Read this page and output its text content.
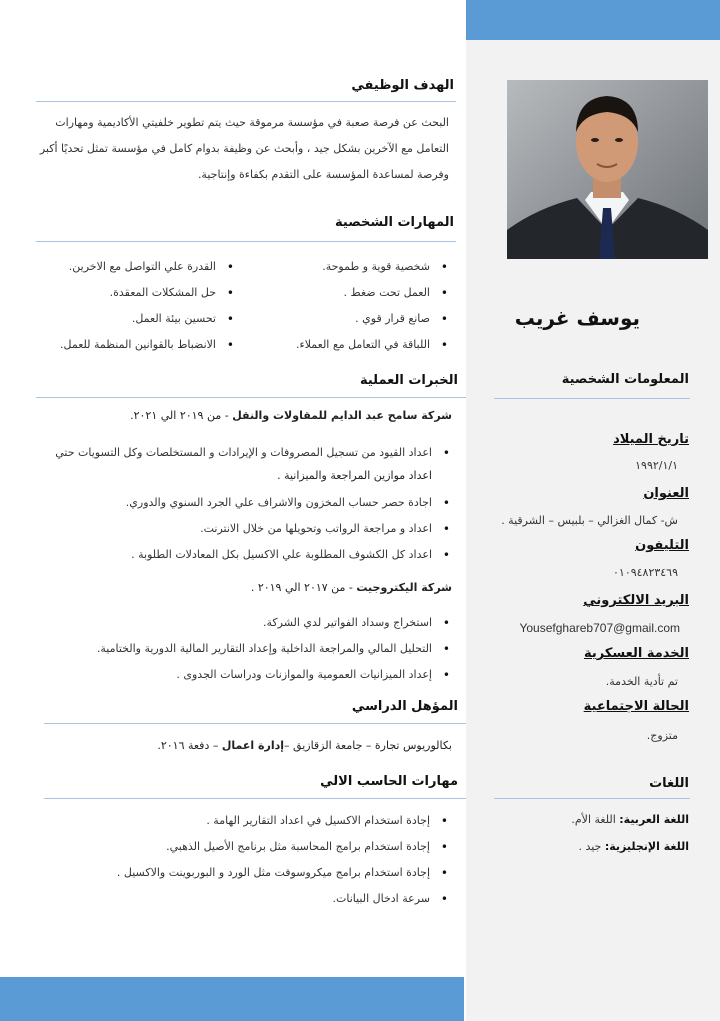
الهدف الوظيفي
البحث عن فرصة صعبة في مؤسسة مرموقة حيث يتم تطوير خلفيتي الأكاديمية ومهارات
التعامل مع الآخرين بشكل جيد ، وأبحث عن وظيفة بدوام كامل في مؤسسة تمثل تحديًا أكبر
وفرصة لمساعدة المؤسسة على التقدم بكفاءة وإنتاجية.
المهارات الشخصية
• شخصية قوية و طموحة.
• العمل تحت ضغط .
• صانع قرار قوي .
• اللباقة في التعامل مع العملاء.
• القدرة علي التواصل مع الاخرين.
• حل المشكلات المعقدة.
• تحسين بيئة العمل.
• الانضباط بالقوانين المنظمة للعمل.
الخبرات العملية
شركة سامح عبد الدايم للمقاولات والنقل - من ٢٠١٩ الي ٢٠٢١.
• اعداد القيود من تسجيل المصروفات و الإيرادات و المستخلصات وكل التسويات حتي
اعداد موازين المراجعة والميزانية .
• اجادة حصر حساب المخزون والاشراف علي الجرد السنوي والدوري.
• اعداد و مراجعة الرواتب وتحويلها من خلال الانترنت.
• اعداد كل الكشوف المطلوبة علي الاكسيل بكل المعادلات الطلوبة .
شركة اليكتروجيت - من ٢٠١٧ الي ٢٠١٩ .
• استخراج وسداد الفواتير لدي الشركة.
• التحليل المالي والمراجعة الداخلية وإعداد التقارير المالية الدورية والختامية.
• إعداد الميزانيات العمومية والموازنات ودراسات الجدوى .
المؤهل الدراسي
بكالوريوس تجارة – جامعة الزقازيق –إدارة اعمال – دفعة ٢٠١٦.
مهارات الحاسب الالي
• إجادة استخدام الاكسيل في اعداد التقارير الهامة .
• إجادة استخدام برامج المحاسبة مثل برنامج الأصيل الذهبي.
• إجادة استخدام برامج ميكروسوفت مثل الورد و البوربوينت والاكسيل .
• سرعة ادخال البيانات.
يوسف غريب
المعلومات الشخصية
تاريخ الميلاد
١٩٩٢/١/١
العنوان
ش- كمال الغزالي – بلبيس – الشرقية .
التليفون
٠١٠٩٤٨٢٣٤٦٩
البريد الالكتروني
Yousefghareb707@gmail.com
الخدمة العسكرية
تم تأدية الخدمة.
الحالة الاجتماعية
متزوج.
اللغات
اللغة العربية: اللغة الأم.
اللغة الإنجليزية: جيد .
